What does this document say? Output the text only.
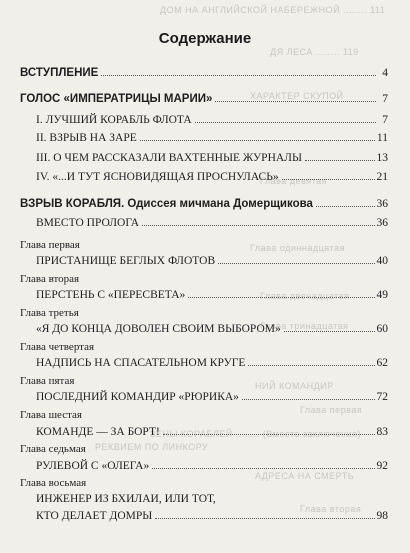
ДОМ НА АНГЛИЙСКОЙ НАБЕРЕЖНОЙ ........ 111
ДЯ ЛЕСА ........ 119
ХАРАКТЕР СКУПОЙ
Глава девятая
Глава одиннадцатая
Глава двенадцатая
Глава тринадцатая
НИЙ КОМАНДИР
Глава первая
ЗЕНЫ КОРАБЛЕЙ ........ (Вместо заключения)
РЕКВИЕМ ПО ЛИНКОРУ
АДРЕСА НА СМЕРТЬ
Глава вторая
Содержание
ВСТУПЛЕНИЕ	4
ГОЛОС «ИМПЕРАТРИЦЫ МАРИИ»	7
I. ЛУЧШИЙ КОРАБЛЬ ФЛОТА	7
II. ВЗРЫВ НА ЗАРЕ	11
III. О ЧЕМ РАССКАЗАЛИ ВАХТЕННЫЕ ЖУРНАЛЫ	13
IV. «...И ТУТ ЯСНОВИДЯЩАЯ ПРОСНУЛАСЬ»	21
ВЗРЫВ КОРАБЛЯ. Одиссея мичмана Домерщикова	36
ВМЕСТО ПРОЛОГА	36
Глава первая
ПРИСТАНИЩЕ БЕГЛЫХ ФЛОТОВ	40
Глава вторая
ПЕРСТЕНЬ С «ПЕРЕСВЕТА»	49
Глава третья
«Я ДО КОНЦА ДОВОЛЕН СВОИМ ВЫБОРОМ»	60
Глава четвертая
НАДПИСЬ НА СПАСАТЕЛЬНОМ КРУГЕ	62
Глава пятая
ПОСЛЕДНИЙ КОМАНДИР «РЮРИКА»	72
Глава шестая
КОМАНДЕ — ЗА БОРТ!	83
Глава седьмая
РУЛЕВОЙ С «ОЛЕГА»	92
Глава восьмая
ИНЖЕНЕР ИЗ БХИЛАИ, ИЛИ ТОТ,
КТО ДЕЛАЕТ ДОМРЫ	98
